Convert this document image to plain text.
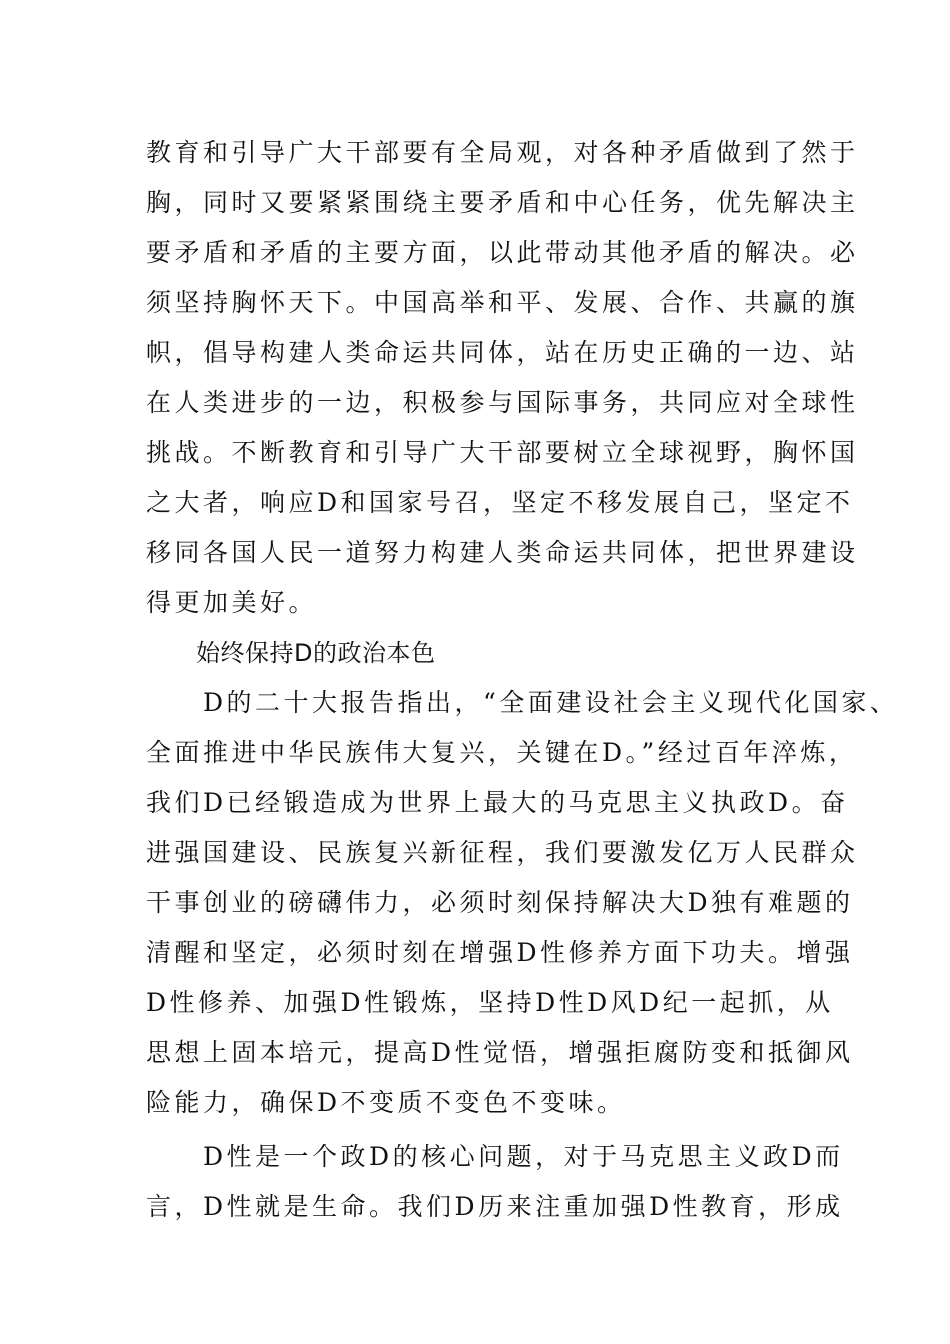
教育和引导广大干部要有全局观，对各种矛盾做到了然于
胸，同时又要紧紧围绕主要矛盾和中心任务，优先解决主
要矛盾和矛盾的主要方面，以此带动其他矛盾的解决。必
须坚持胸怀天下。中国高举和平、发展、合作、共赢的旗
帜，倡导构建人类命运共同体，站在历史正确的一边、站
在人类进步的一边，积极参与国际事务，共同应对全球性
挑战。不断教育和引导广大干部要树立全球视野，胸怀国
之大者，响应D和国家号召，坚定不移发展自己，坚定不
移同各国人民一道努力构建人类命运共同体，把世界建设
得更加美好。
始终保持D的政治本色
　　D的二十大报告指出，“全面建设社会主义现代化国家、
全面推进中华民族伟大复兴，关键在D。”经过百年淬炼，
我们D已经锻造成为世界上最大的马克思主义执政D。奋
进强国建设、民族复兴新征程，我们要激发亿万人民群众
干事创业的磅礴伟力，必须时刻保持解决大D独有难题的
清醒和坚定，必须时刻在增强D性修养方面下功夫。增强
D性修养、加强D性锻炼，坚持D性D风D纪一起抓，从
思想上固本培元，提高D性觉悟，增强拒腐防变和抵御风
险能力，确保D不变质不变色不变味。
　　D性是一个政D的核心问题，对于马克思主义政D而
言，D性就是生命。我们D历来注重加强D性教育，形成
